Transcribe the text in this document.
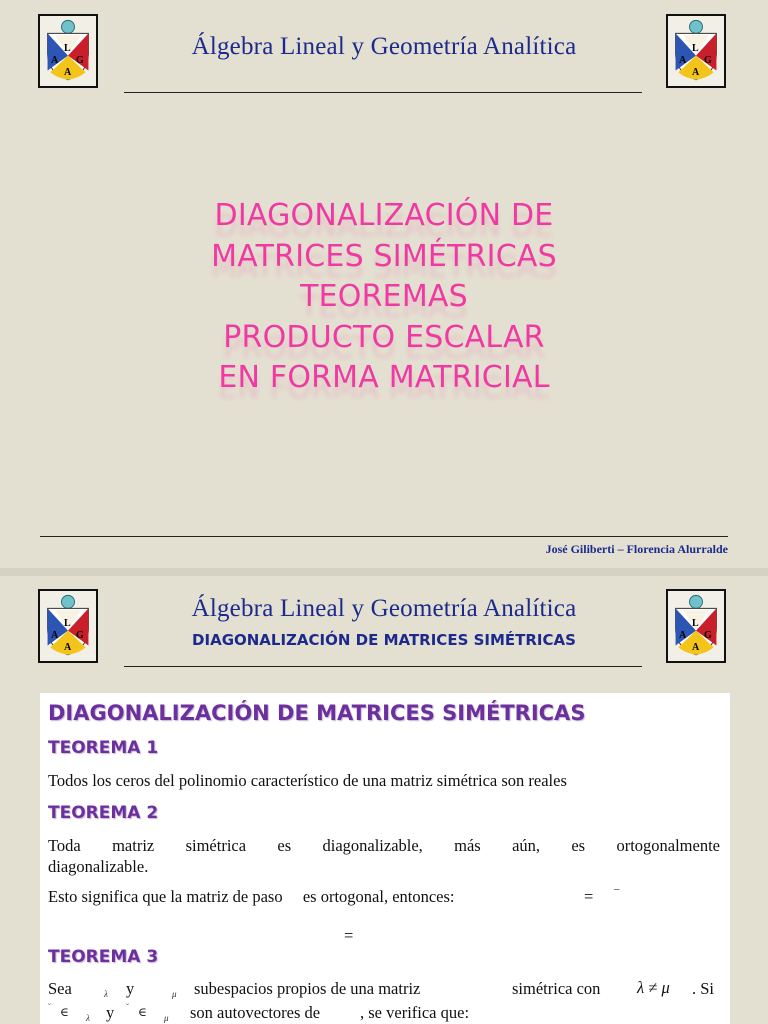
L
A G
A
L
A G
A
Álgebra Lineal y Geometría Analítica
DIAGONALIZACIÓN DE
MATRICES SIMÉTRICAS
TEOREMAS
PRODUCTO ESCALAR
EN FORMA MATRICIAL
José Giliberti – Florencia Alurralde
L
A G
A
L
A G
A
Álgebra Lineal y Geometría Analítica
DIAGONALIZACIÓN DE MATRICES SIMÉTRICAS
DIAGONALIZACIÓN DE MATRICES SIMÉTRICAS
TEOREMA 1
Todos los ceros del polinomio característico de una matriz simétrica son reales
TEOREMA 2
Toda matriz simétrica es diagonalizable, más aún, es ortogonalmente
diagonalizable.
Esto significa que la matriz de paso es ortogonal, entonces:	= –
=
TEOREMA 3
Sea	λ y	μ subespacios propios de una matriz	simétrica con λ ≠ μ . Si
˘ ∈ λ y ˘ ∈ μ son autovectores de , se verifica que:
